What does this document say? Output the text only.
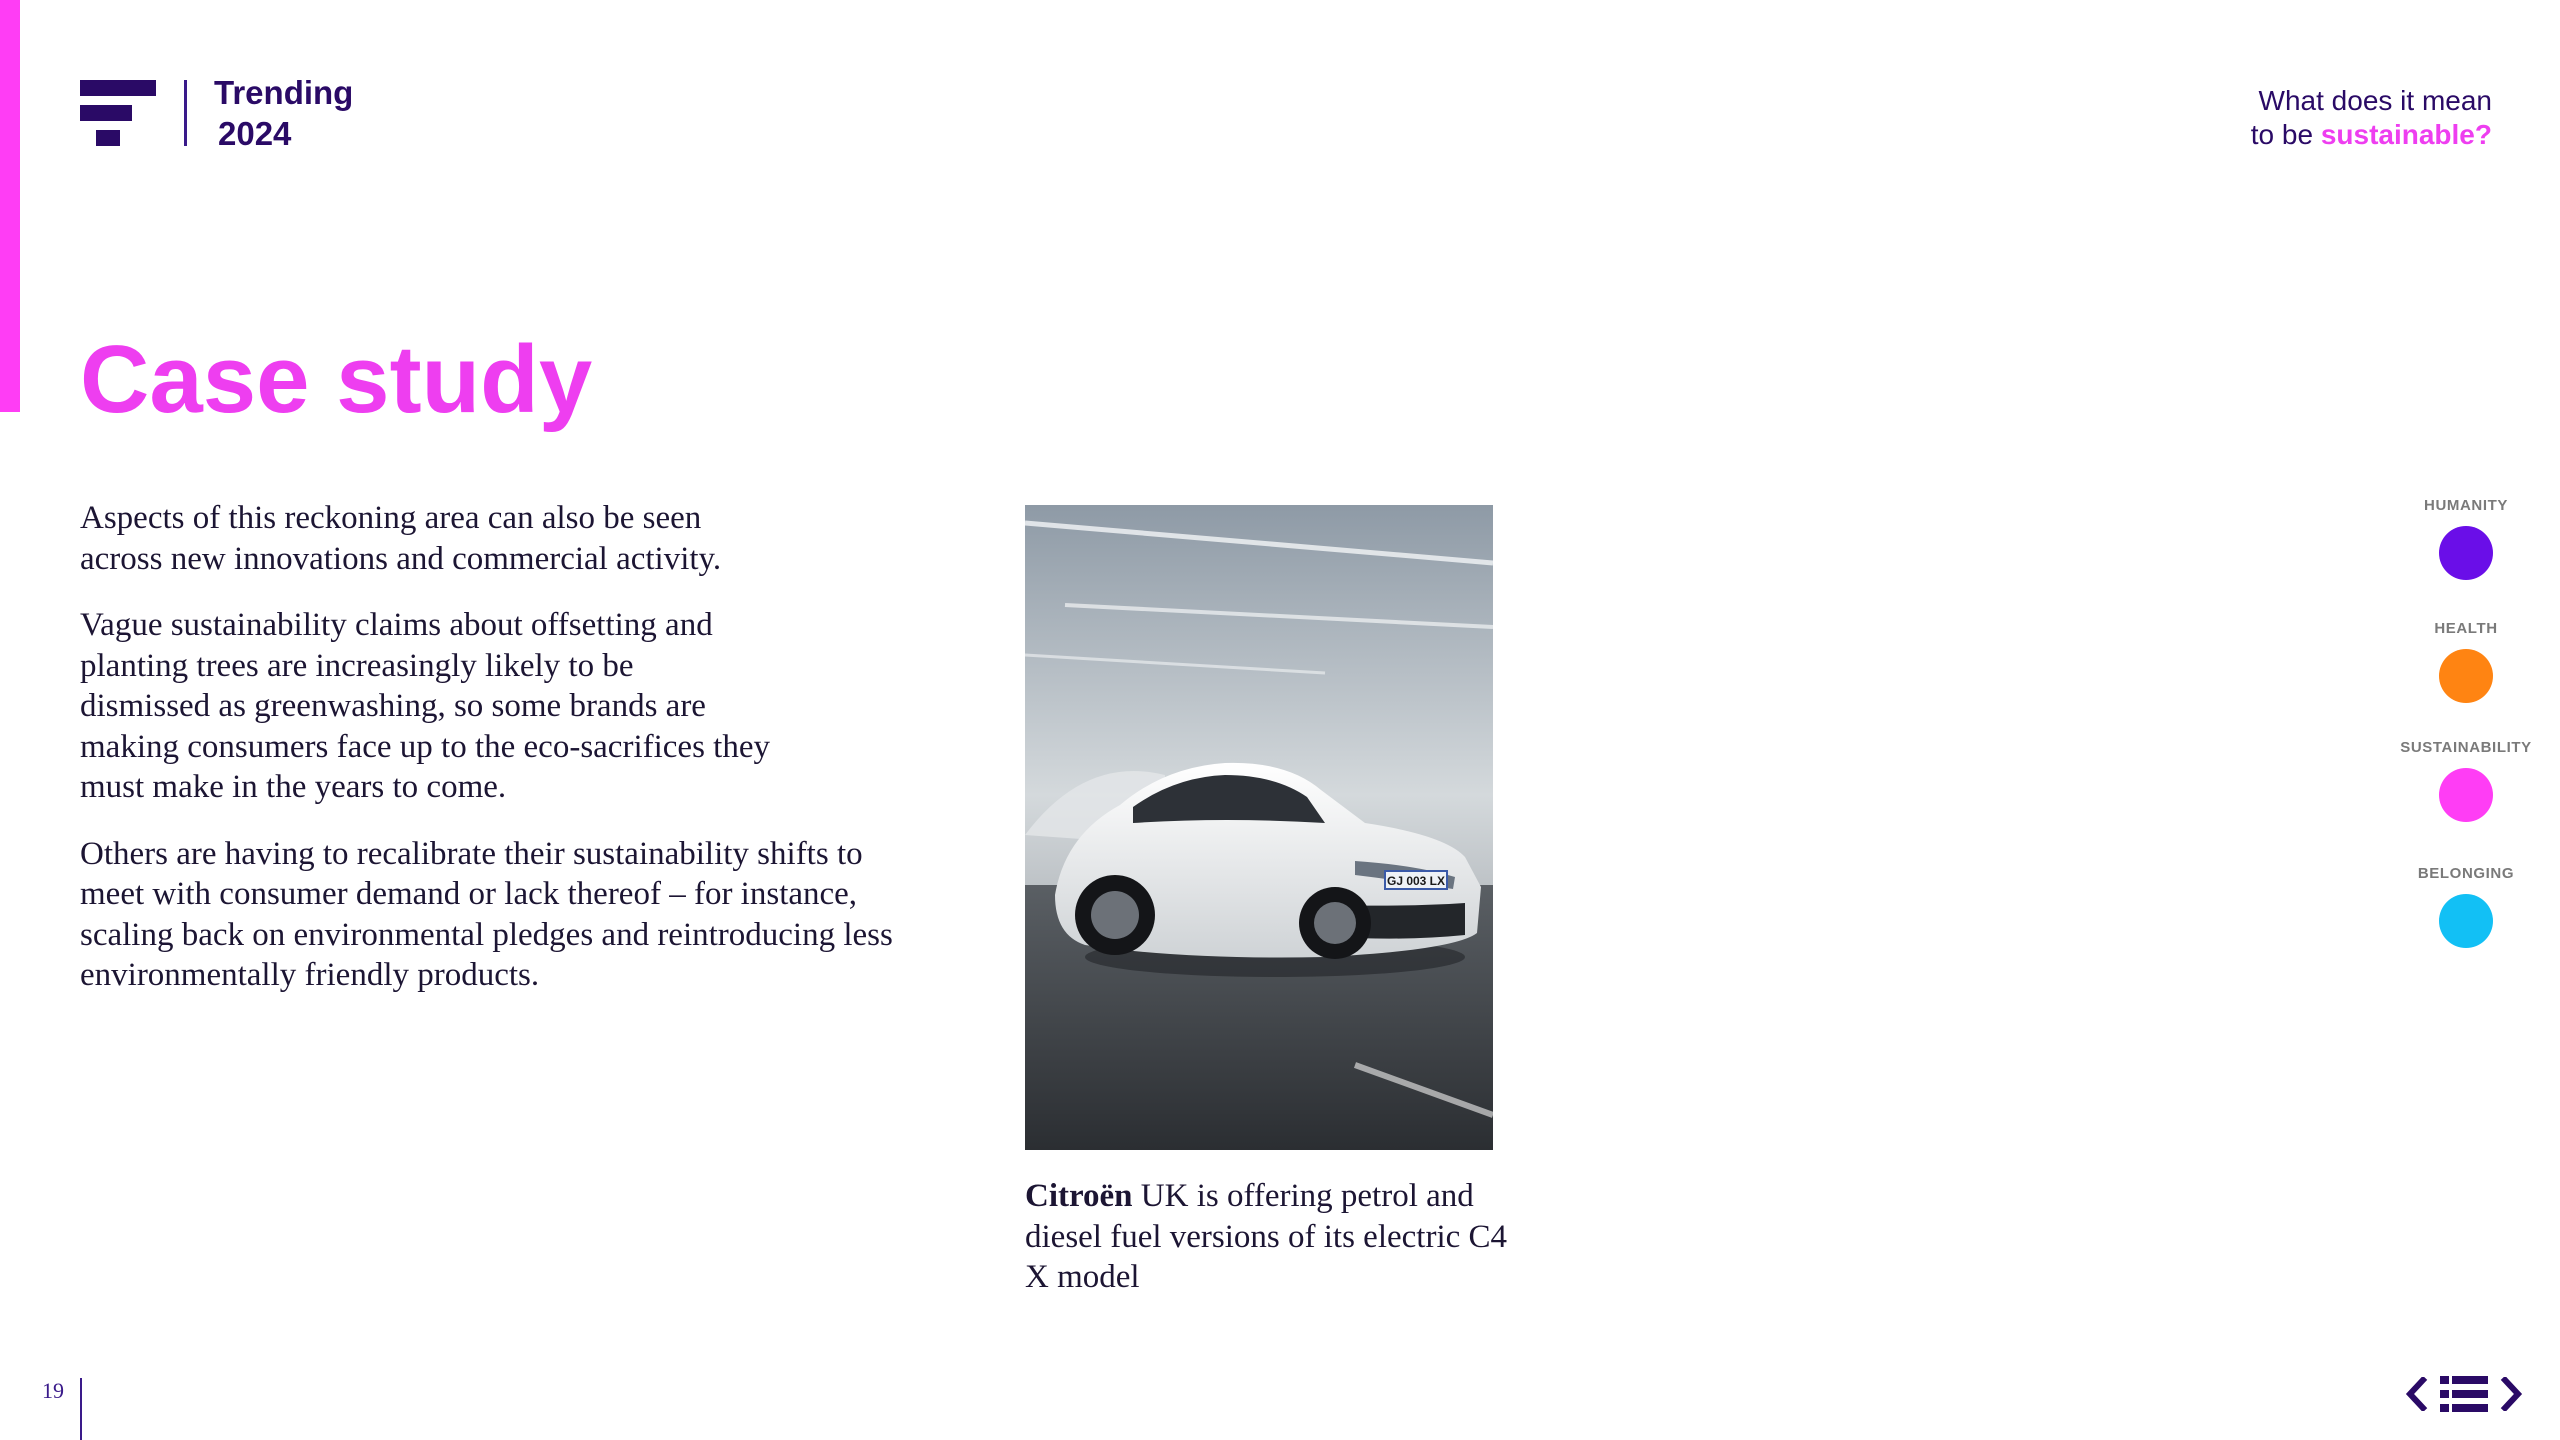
Trending
2024
What does it mean
to be sustainable?
Case study

Aspects of this reckoning area can also be seen across new innovations and commercial activity.

Vague sustainability claims about offsetting and planting trees are increasingly likely to be dismissed as greenwashing, so some brands are making consumers face up to the eco-sacrifices they must make in the years to come.

Others are having to recalibrate their sustainability shifts to meet with consumer demand or lack thereof – for instance, scaling back on environmental pledges and reintroducing less environmentally friendly products.

GJ 003 LX
Citroën UK is offering petrol and diesel fuel versions of its electric C4 X model
HUMANITY
HEALTH
SUSTAINABILITY
BELONGING
19
